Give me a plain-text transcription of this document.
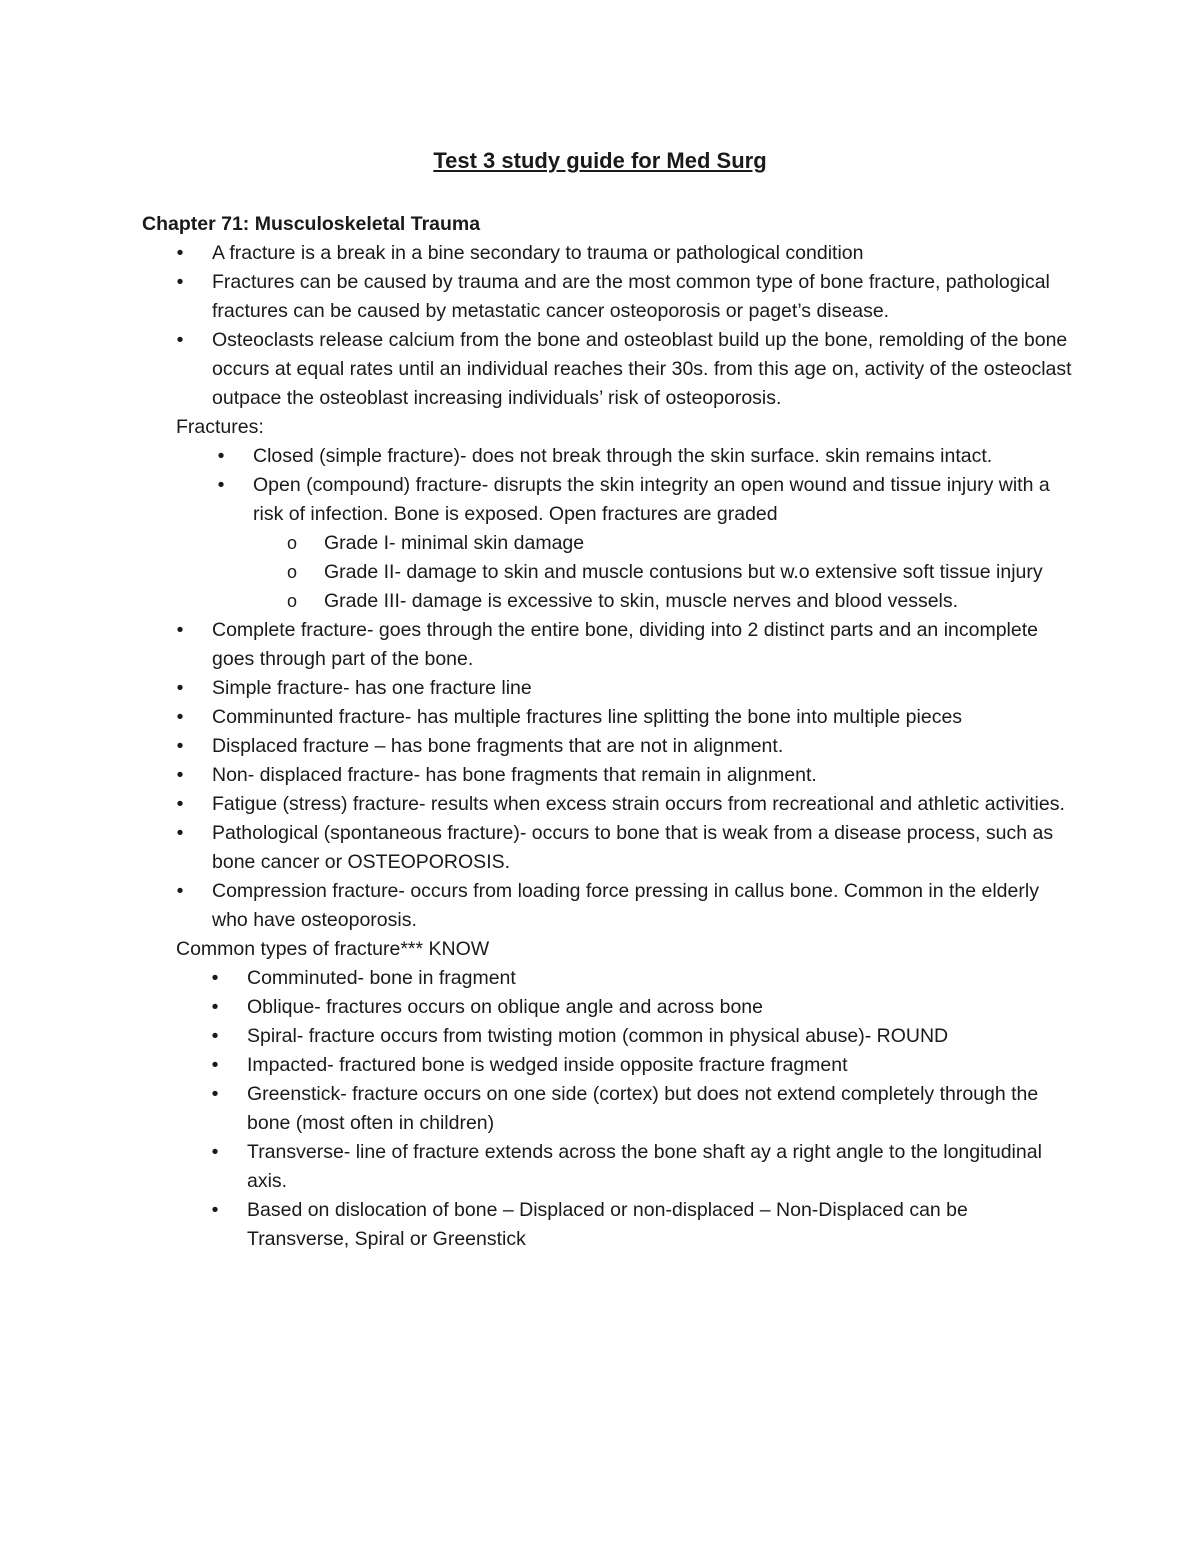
Test 3 study guide for Med Surg
Chapter 71: Musculoskeletal Trauma
•	A fracture is a break in a bine secondary to trauma or pathological condition
•	Fractures can be caused by trauma and are the most common type of bone fracture, pathological fractures can be caused by metastatic cancer osteoporosis or paget’s disease.
•	Osteoclasts release calcium from the bone and osteoblast build up the bone, remolding of the bone occurs at equal rates until an individual reaches their 30s. from this age on, activity of the osteoclast outpace the osteoblast increasing individuals’ risk of osteoporosis.
Fractures:
•	Closed (simple fracture)- does not break through the skin surface. skin remains intact.
•	Open (compound) fracture- disrupts the skin integrity an open wound and tissue injury with a risk of infection. Bone is exposed. Open fractures are graded
o Grade I- minimal skin damage
o Grade II- damage to skin and muscle contusions but w.o extensive soft tissue injury
o Grade III- damage is excessive to skin, muscle nerves and blood vessels.
•	Complete fracture- goes through the entire bone, dividing into 2 distinct parts and an incomplete goes through part of the bone.
•	Simple fracture- has one fracture line
•	Comminunted fracture- has multiple fractures line splitting the bone into multiple pieces
•	Displaced fracture – has bone fragments that are not in alignment.
•	Non- displaced fracture- has bone fragments that remain in alignment.
•	Fatigue (stress) fracture- results when excess strain occurs from recreational and athletic activities.
•	Pathological (spontaneous fracture)- occurs to bone that is weak from a disease process, such as bone cancer or OSTEOPOROSIS.
•	Compression fracture- occurs from loading force pressing in callus bone. Common in the elderly who have osteoporosis.
Common types of fracture*** KNOW
•	Comminuted- bone in fragment
•	Oblique- fractures occurs on oblique angle and across bone
•	Spiral- fracture occurs from twisting motion (common in physical abuse)- ROUND
•	Impacted- fractured bone is wedged inside opposite fracture fragment
•	Greenstick- fracture occurs on one side (cortex) but does not extend completely through the bone (most often in children)
•	Transverse- line of fracture extends across the bone shaft ay a right angle to the longitudinal axis.
•	Based on dislocation of bone – Displaced or non-displaced – Non-Displaced can be Transverse, Spiral or Greenstick
